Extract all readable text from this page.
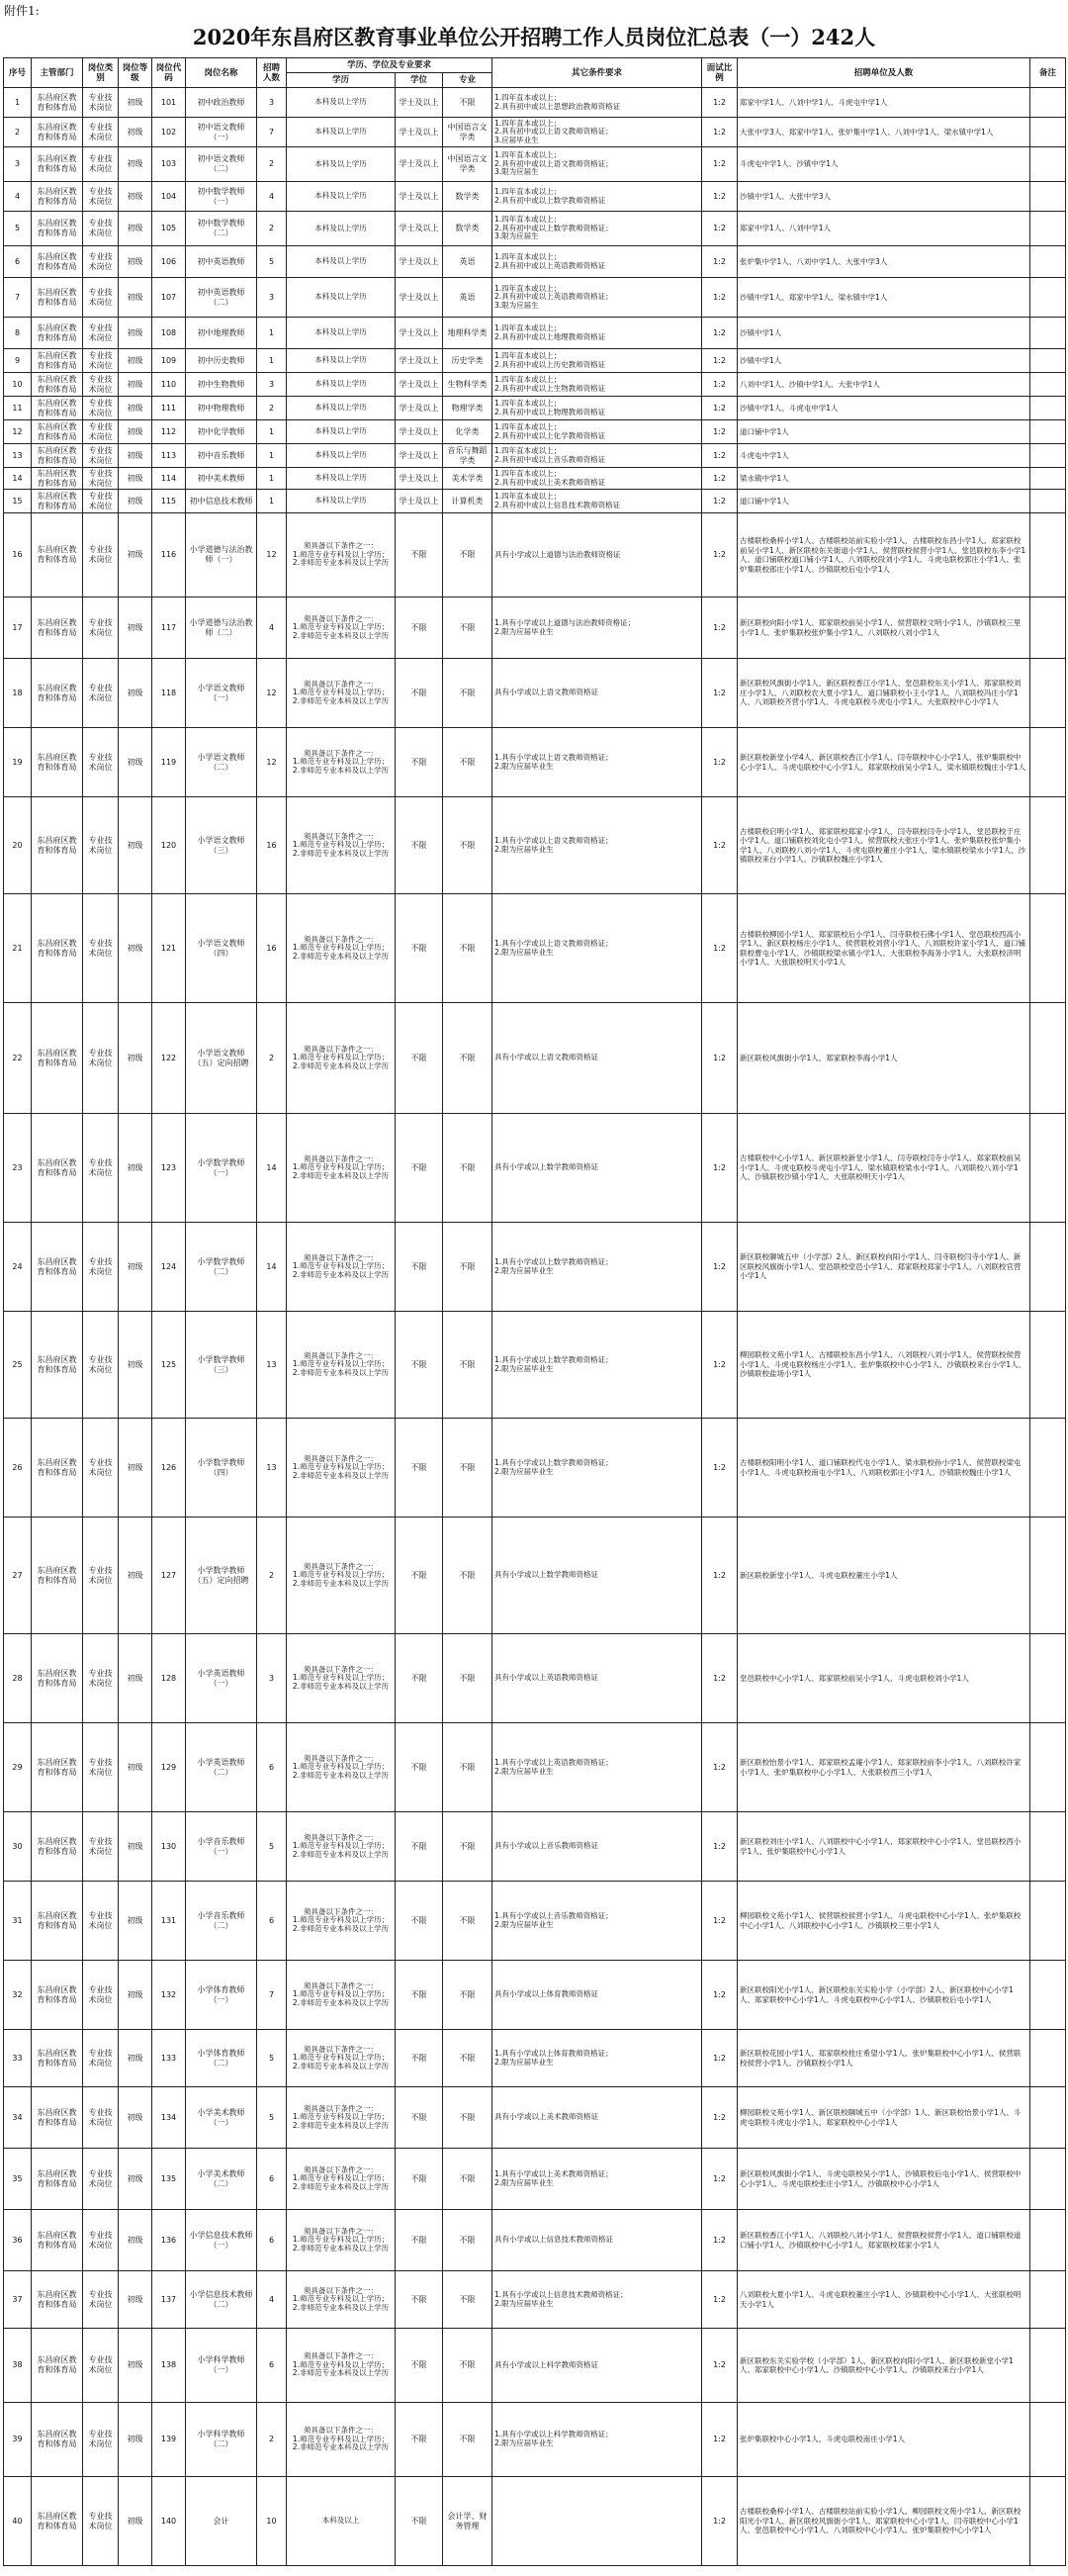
附件1:
2020年东昌府区教育事业单位公开招聘工作人员岗位汇总表（一）242人
序号	主管部门	岗位类别	岗位等级	岗位代码	岗位名称	招聘人数	学历、学位及专业要求			其它条件要求	面试比例	招聘单位及人数	备注
							学历	学位	专业				
1	东昌府区教育和体育局	专业技术岗位	初级	101	初中政治教师	3	本科及以上学历	学士及以上	不限	1.四年直本或以上；
2.具有初中或以上思想政治教师资格证	1:2	郑家中学1人、八刘中学1人、斗虎屯中学1人	
2	东昌府区教育和体育局	专业技术岗位	初级	102	初中语文教师（一）	7	本科及以上学历	学士及以上	中国语言文学类	1.四年直本或以上；
2.具有初中或以上语文教师资格证；
3.应届毕业生	1:2	大张中学3人、郑家中学1人、张炉集中学1人、八刘中学1人、梁水镇中学1人	
3	东昌府区教育和体育局	专业技术岗位	初级	103	初中语文教师（二）	2	本科及以上学历	学士及以上	中国语言文学类	1.四年直本或以上；
2.具有初中或以上语文教师资格证；
3.限为应届生	1:2	斗虎屯中学1人、沙镇中学1人	
4	东昌府区教育和体育局	专业技术岗位	初级	104	初中数学教师（一）	4	本科及以上学历	学士及以上	数学类	1.四年直本或以上；
2.具有初中或以上数学教师资格证	1:2	沙镇中学1人、大张中学3人	
5	东昌府区教育和体育局	专业技术岗位	初级	105	初中数学教师（二）	2	本科及以上学历	学士及以上	数学类	1.四年直本或以上；
2.具有初中或以上数学教师资格证；
3.限为应届生	1:2	郑家中学1人、八刘中学1人	
6	东昌府区教育和体育局	专业技术岗位	初级	106	初中英语教师	5	本科及以上学历	学士及以上	英语	1.四年直本或以上；
2.具有初中或以上英语教师资格证	1:2	张炉集中学1人、八刘中学1人、大张中学3人	
7	东昌府区教育和体育局	专业技术岗位	初级	107	初中英语教师（二）	3	本科及以上学历	学士及以上	英语	1.四年直本或以上；
2.具有初中或以上英语教师资格证；
3.限为应届生	1:2	沙镇中学1人、郑家中学1人、梁水镇中学1人	
8	东昌府区教育和体育局	专业技术岗位	初级	108	初中地理教师	1	本科及以上学历	学士及以上	地理科学类	1.四年直本或以上；
2.具有初中或以上地理教师资格证	1:2	沙镇中学1人	
9	东昌府区教育和体育局	专业技术岗位	初级	109	初中历史教师	1	本科及以上学历	学士及以上	历史学类	1.四年直本或以上；
2.具有初中或以上历史教师资格证	1:2	沙镇中学1人	
10	东昌府区教育和体育局	专业技术岗位	初级	110	初中生物教师	3	本科及以上学历	学士及以上	生物科学类	1.四年直本或以上；
2.具有初中或以上生物教师资格证	1:2	八刘中学1人、沙镇中学1人、大张中学1人	
11	东昌府区教育和体育局	专业技术岗位	初级	111	初中物理教师	2	本科及以上学历	学士及以上	物理学类	1.四年直本或以上；
2.具有初中或以上物理教师资格证	1:2	沙镇中学1人、斗虎屯中学1人	
12	东昌府区教育和体育局	专业技术岗位	初级	112	初中化学教师	1	本科及以上学历	学士及以上	化学类	1.四年直本或以上；
2.具有初中或以上化学教师资格证	1:2	道口铺中学1人	
13	东昌府区教育和体育局	专业技术岗位	初级	113	初中音乐教师	1	本科及以上学历	学士及以上	音乐与舞蹈学类	1.四年直本或以上；
2.具有初中或以上音乐教师资格证	1:2	斗虎屯中学1人	
14	东昌府区教育和体育局	专业技术岗位	初级	114	初中美术教师	1	本科及以上学历	学士及以上	美术学类	1.四年直本或以上；
2.具有初中或以上美术教师资格证	1:2	梁水镇中学1人	
15	东昌府区教育和体育局	专业技术岗位	初级	115	初中信息技术教师	1	本科及以上学历	学士及以上	计算机类	1.四年直本或以上；
2.具有初中或以上信息技术教师资格证	1:2	道口铺中学1人	
16	东昌府区教育和体育局	专业技术岗位	初级	116	小学道德与法治教师（一）	12	须具备以下条件之一：
1.师范专业专科及以上学历；
2.非师范专业本科及以上学历	不限	不限	具有小学或以上道德与法治教师资格证	1:2	古楼联校桑梓小学1人、古楼联校站前实验小学1人、古楼联校东昌小学1人、郑家联校前吴小学1人、新区联校东关街道小学1人、侯营联校侯营小学1人、堂邑联校东李小学1人、道口铺联校道口铺小学1人、八刘联校段刘小学1人、斗虎屯联校郭庄小学1人、张炉集联校郎庄小学1人、沙镇联校后屯小学1人	
17	东昌府区教育和体育局	专业技术岗位	初级	117	小学道德与法治教师（二）	4	须具备以下条件之一：
1.师范专业专科及以上学历；
2.非师范专业本科及以上学历	不限	不限	1.具有小学或以上道德与法治教师资格证；
2.限为应届毕业生	1:2	新区联校向阳小学1人、郑家联校前吴小学1人、侯营联校文明小学1人、沙镇联校三里小学1人、张炉集联校张炉集小学1人、八刘联校八刘小学1人	
18	东昌府区教育和体育局	专业技术岗位	初级	118	小学语文教师（一）	12	须具备以下条件之一：
1.师范专业专科及以上学历；
2.非师范专业本科及以上学历	不限	不限	具有小学或以上语文教师资格证	1:2	新区联校风旗街小学1人、新区联校香江小学1人、堂邑联校东关小学1人、郑家联校刘庄小学1人、八刘联校农大夏小学1人、道口铺联校小王小学1人、八刘联校冯庄小学1人、八刘联校齐营小学1人、斗虎屯联校斗虎屯小学1人、大张联校中心小学1人	
19	东昌府区教育和体育局	专业技术岗位	初级	119	小学语文教师（二）	12	须具备以下条件之一：
1.师范专业专科及以上学历；
2.非师范专业本科及以上学历	不限	不限	1.具有小学或以上语文教师资格证；
2.限为应届毕业生	1:2	新区联校新堂小学4人、新区联校香江小学1人、闫寺联校中心小学1人、张炉集联校中心小学1人、斗虎屯联校中心小学1人、郑家联校前吴小学1人、梁水镇联校魏庄小学1人	
20	东昌府区教育和体育局	专业技术岗位	初级	120	小学语文教师（三）	16	须具备以下条件之一：
1.师范专业专科及以上学历；
2.非师范专业本科及以上学历	不限	不限	1.具有小学或以上语文教师资格证；
2.限为应届毕业生	1:2	古楼联校启明小学1人、郑家联校郑家小学1人、闫寺联校闫寺小学1人、堂邑联校于庄小学1人、道口铺联校刘化屯小学1人、侯营联校大张庄小学1人、张炉集联校张炉集小学1人、八刘联校八刘小学1人、斗虎屯联校董庄小学1人、梁水镇联校梁水小学1人、沙镇联校来台小学1人、沙镇联校魏庄小学1人	
21	东昌府区教育和体育局	专业技术岗位	初级	121	小学语文教师（四）	16	须具备以下条件之一：
1.师范专业专科及以上学历；
2.非师范专业本科及以上学历	不限	不限	1.具有小学或以上语文教师资格证；
2.限为应届毕业生	1:2	古楼联校柳园小学1人、郑家联校后小学1人、闫寺联校石佛小学1人、堂邑联校西高小学1人、新区联校杨庄小学1人、侯营联校刘营小学1人、八刘联校许家小学1人、道口铺联校曹屯小学1人、沙镇联校梁水镇小学1人、大张联校李海务小学1人、大张联校济明小学1人、大张联校明天小学1人	
22	东昌府区教育和体育局	专业技术岗位	初级	122	小学语文教师（五）定向招聘	2	须具备以下条件之一：
1.师范专业专科及以上学历；
2.非师范专业本科及以上学历	不限	不限	具有小学或以上语文教师资格证	1:2	新区联校风旗街小学1人、郑家联校李海小学1人	
23	东昌府区教育和体育局	专业技术岗位	初级	123	小学数学教师（一）	14	须具备以下条件之一：
1.师范专业专科及以上学历；
2.非师范专业本科及以上学历	不限	不限	具有小学或以上数学教师资格证	1:2	古楼联校中心小学1人、新区联校新堂小学1人、闫寺联校闫寺小学1人、郑家联校前吴小学1人、斗虎屯联校斗虎屯小学1人、梁水镇联校梁水小学1人、八刘联校八刘小学1人、沙镇联校沙镇小学1人、大张联校明天小学1人	
24	东昌府区教育和体育局	专业技术岗位	初级	124	小学数学教师（二）	14	须具备以下条件之一：
1.师范专业专科及以上学历；
2.非师范专业本科及以上学历	不限	不限	1.具有小学或以上数学教师资格证；
2.限为应届毕业生	1:2	新区联校聊城五中（小学部）2人、新区联校向阳小学1人、闫寺联校闫寺小学1人、新区联校风旗街小学1人、堂邑联校堂邑小学1人、郑家联校郑家小学1人、八刘联校官营小学1人	
25	东昌府区教育和体育局	专业技术岗位	初级	125	小学数学教师（三）	13	须具备以下条件之一：
1.师范专业专科及以上学历；
2.非师范专业本科及以上学历	不限	不限	1.具有小学或以上数学教师资格证；
2.限为应届毕业生	1:2	柳园联校文苑小学1人、古楼联校东昌小学1人、八刘联校八刘小学1人、侯营联校侯营小学1人、斗虎屯联校杨庄小学1人、张炉集联校中心小学1人、沙镇联校来台小学1人、沙镇联校盐场小学1人	
26	东昌府区教育和体育局	专业技术岗位	初级	126	小学数学教师（四）	13	须具备以下条件之一：
1.师范专业专科及以上学历；
2.非师范专业本科及以上学历	不限	不限	1.具有小学或以上数学教师资格证；
2.限为应届毕业生	1:2	古楼联校阳明小学1人、道口铺联校代屯小学1人、梁水联校孙小学1人、侯营联校梁屯小学1人、斗虎屯联校南屯小学1人、八刘联校郭庄小学1人、沙镇联校魏庄小学1人	
27	东昌府区教育和体育局	专业技术岗位	初级	127	小学数学教师（五）定向招聘	2	须具备以下条件之一：
1.师范专业专科及以上学历；
2.非师范专业本科及以上学历	不限	不限	具有小学或以上数学教师资格证	1:2	新区联校新堂小学1人、斗虎屯联校董庄小学1人	
28	东昌府区教育和体育局	专业技术岗位	初级	128	小学英语教师（一）	3	须具备以下条件之一：
1.师范专业专科及以上学历；
2.非师范专业本科及以上学历	不限	不限	具有小学或以上英语教师资格证	1:2	堂邑联校中心小学1人、郑家联校前吴小学1人、斗虎屯联校刘小学1人	
29	东昌府区教育和体育局	专业技术岗位	初级	129	小学英语教师（二）	6	须具备以下条件之一：
1.师范专业专科及以上学历；
2.非师范专业本科及以上学历	不限	不限	1.具有小学或以上英语教师资格证；
2.限为应届毕业生	1:2	新区联校怡景小学1人、郑家联校孟庵小学1人、郑家联校前李小学1人、八刘联校许家小学1人、张炉集联校中心小学1人、大张联校西三小学1人	
30	东昌府区教育和体育局	专业技术岗位	初级	130	小学音乐教师（一）	5	须具备以下条件之一：
1.师范专业专科及以上学历；
2.非师范专业本科及以上学历	不限	不限	具有小学或以上音乐教师资格证	1:2	新区联校刘庄小学1人、八刘联校中心小学1人、郑家联校中心小学1人、堂邑联校西小学1人、张炉集联校中心小学1人	
31	东昌府区教育和体育局	专业技术岗位	初级	131	小学音乐教师（二）	6	须具备以下条件之一：
1.师范专业专科及以上学历；
2.非师范专业本科及以上学历	不限	不限	1.具有小学或以上音乐教师资格证；
2.限为应届毕业生	1:2	柳园联校文苑小学1人、侯营联校侯营小学1人、斗虎屯联校中心小学1人、张炉集联校中心小学1人、八刘联校中心小学1人、沙镇联校三里小学1人	
32	东昌府区教育和体育局	专业技术岗位	初级	132	小学体育教师（一）	7	须具备以下条件之一：
1.师范专业专科及以上学历；
2.非师范专业本科及以上学历	不限	不限	具有小学或以上体育教师资格证	1:2	新区联校阳光小学1人、新区联校东关实验小学（小学部）2人、新区联校中心小学1人、郑家联校中心小学1人、斗虎屯联校中心小学1人、沙镇联校后屯小学1人	
33	东昌府区教育和体育局	专业技术岗位	初级	133	小学体育教师（二）	5	须具备以下条件之一：
1.师范专业专科及以上学历；
2.非师范专业本科及以上学历	不限	不限	1.具有小学或以上体育教师资格证；
2.限为应届毕业生	1:2	新区联校花园小学1人、郑家联校桂庄希望小学1人、张炉集联校中心小学1人、侯营联校侯营小学1人、沙镇联校小学1人	
34	东昌府区教育和体育局	专业技术岗位	初级	134	小学美术教师（一）	5	须具备以下条件之一：
1.师范专业专科及以上学历；
2.非师范专业本科及以上学历	不限	不限	具有小学或以上美术教师资格证	1:2	柳园联校文苑小学1人、新区联校聊城五中（小学部）1人、新区联校怡景小学1人、斗虎屯联校斗虎屯小学1人、郑家联校中心小学1人	
35	东昌府区教育和体育局	专业技术岗位	初级	135	小学美术教师（二）	6	须具备以下条件之一：
1.师范专业专科及以上学历；
2.非师范专业本科及以上学历	不限	不限	1.具有小学或以上美术教师资格证；
2.限为应届毕业生	1:2	新区联校风旗街小学1人、斗虎屯联校吴小学1人、沙镇联校后屯小学1人、侯营联校中心小学1人、斗虎屯联校张庄小学1人、沙镇联校中心小学1人	
36	东昌府区教育和体育局	专业技术岗位	初级	136	小学信息技术教师（一）	6	须具备以下条件之一：
1.师范专业专科及以上学历；
2.非师范专业本科及以上学历	不限	不限	具有小学或以上信息技术教师资格证	1:2	新区联校香江小学1人、八刘联校八刘小学1人、侯营联校侯营小学1人、道口铺联校道口铺小学1人、沙镇联校中心小学1人、郑家联校郑家小学1人	
37	东昌府区教育和体育局	专业技术岗位	初级	137	小学信息技术教师（二）	4	须具备以下条件之一：
1.师范专业专科及以上学历；
2.非师范专业本科及以上学历	不限	不限	1.具有小学或以上信息技术教师资格证；
2.限为应届毕业生	1:2	八刘联校大夏小学1人、斗虎屯联校董庄小学1人、沙镇联校中心小学1人、大张联校明天小学1人	
38	东昌府区教育和体育局	专业技术岗位	初级	138	小学科学教师（一）	6	须具备以下条件之一：
1.师范专业专科及以上学历；
2.非师范专业本科及以上学历	不限	不限	具有小学或以上科学教师资格证	1:2	新区联校东关实验学校（小学部）1人、新区联校向阳小学1人、新区联校新堂小学1人、郑家联校中心小学1人、沙镇联校中心小学1人、沙镇联校来台小学1人	
39	东昌府区教育和体育局	专业技术岗位	初级	139	小学科学教师（二）	2	须具备以下条件之一：
1.师范专业专科及以上学历；
2.非师范专业本科及以上学历	不限	不限	1.具有小学或以上科学教师资格证；
2.限为应届毕业生	1:2	张炉集联校中心小学1人、斗虎屯联校南庄小学1人	
40	东昌府区教育和体育局	专业技术岗位	初级	140	会计	10	本科及以上	不限	会计学、财务管理		1:2	古楼联校桑梓小学1人、古楼联校站前实验小学1人、柳园联校文苑小学1人、新区联校阳光小学1人、新区联校风旗街小学1人、郑家联校中心小学1人、闫寺联校中心小学1人、堂邑联校中心小学1人、八刘联校中心小学1人、张炉集联校中心小学1人	
